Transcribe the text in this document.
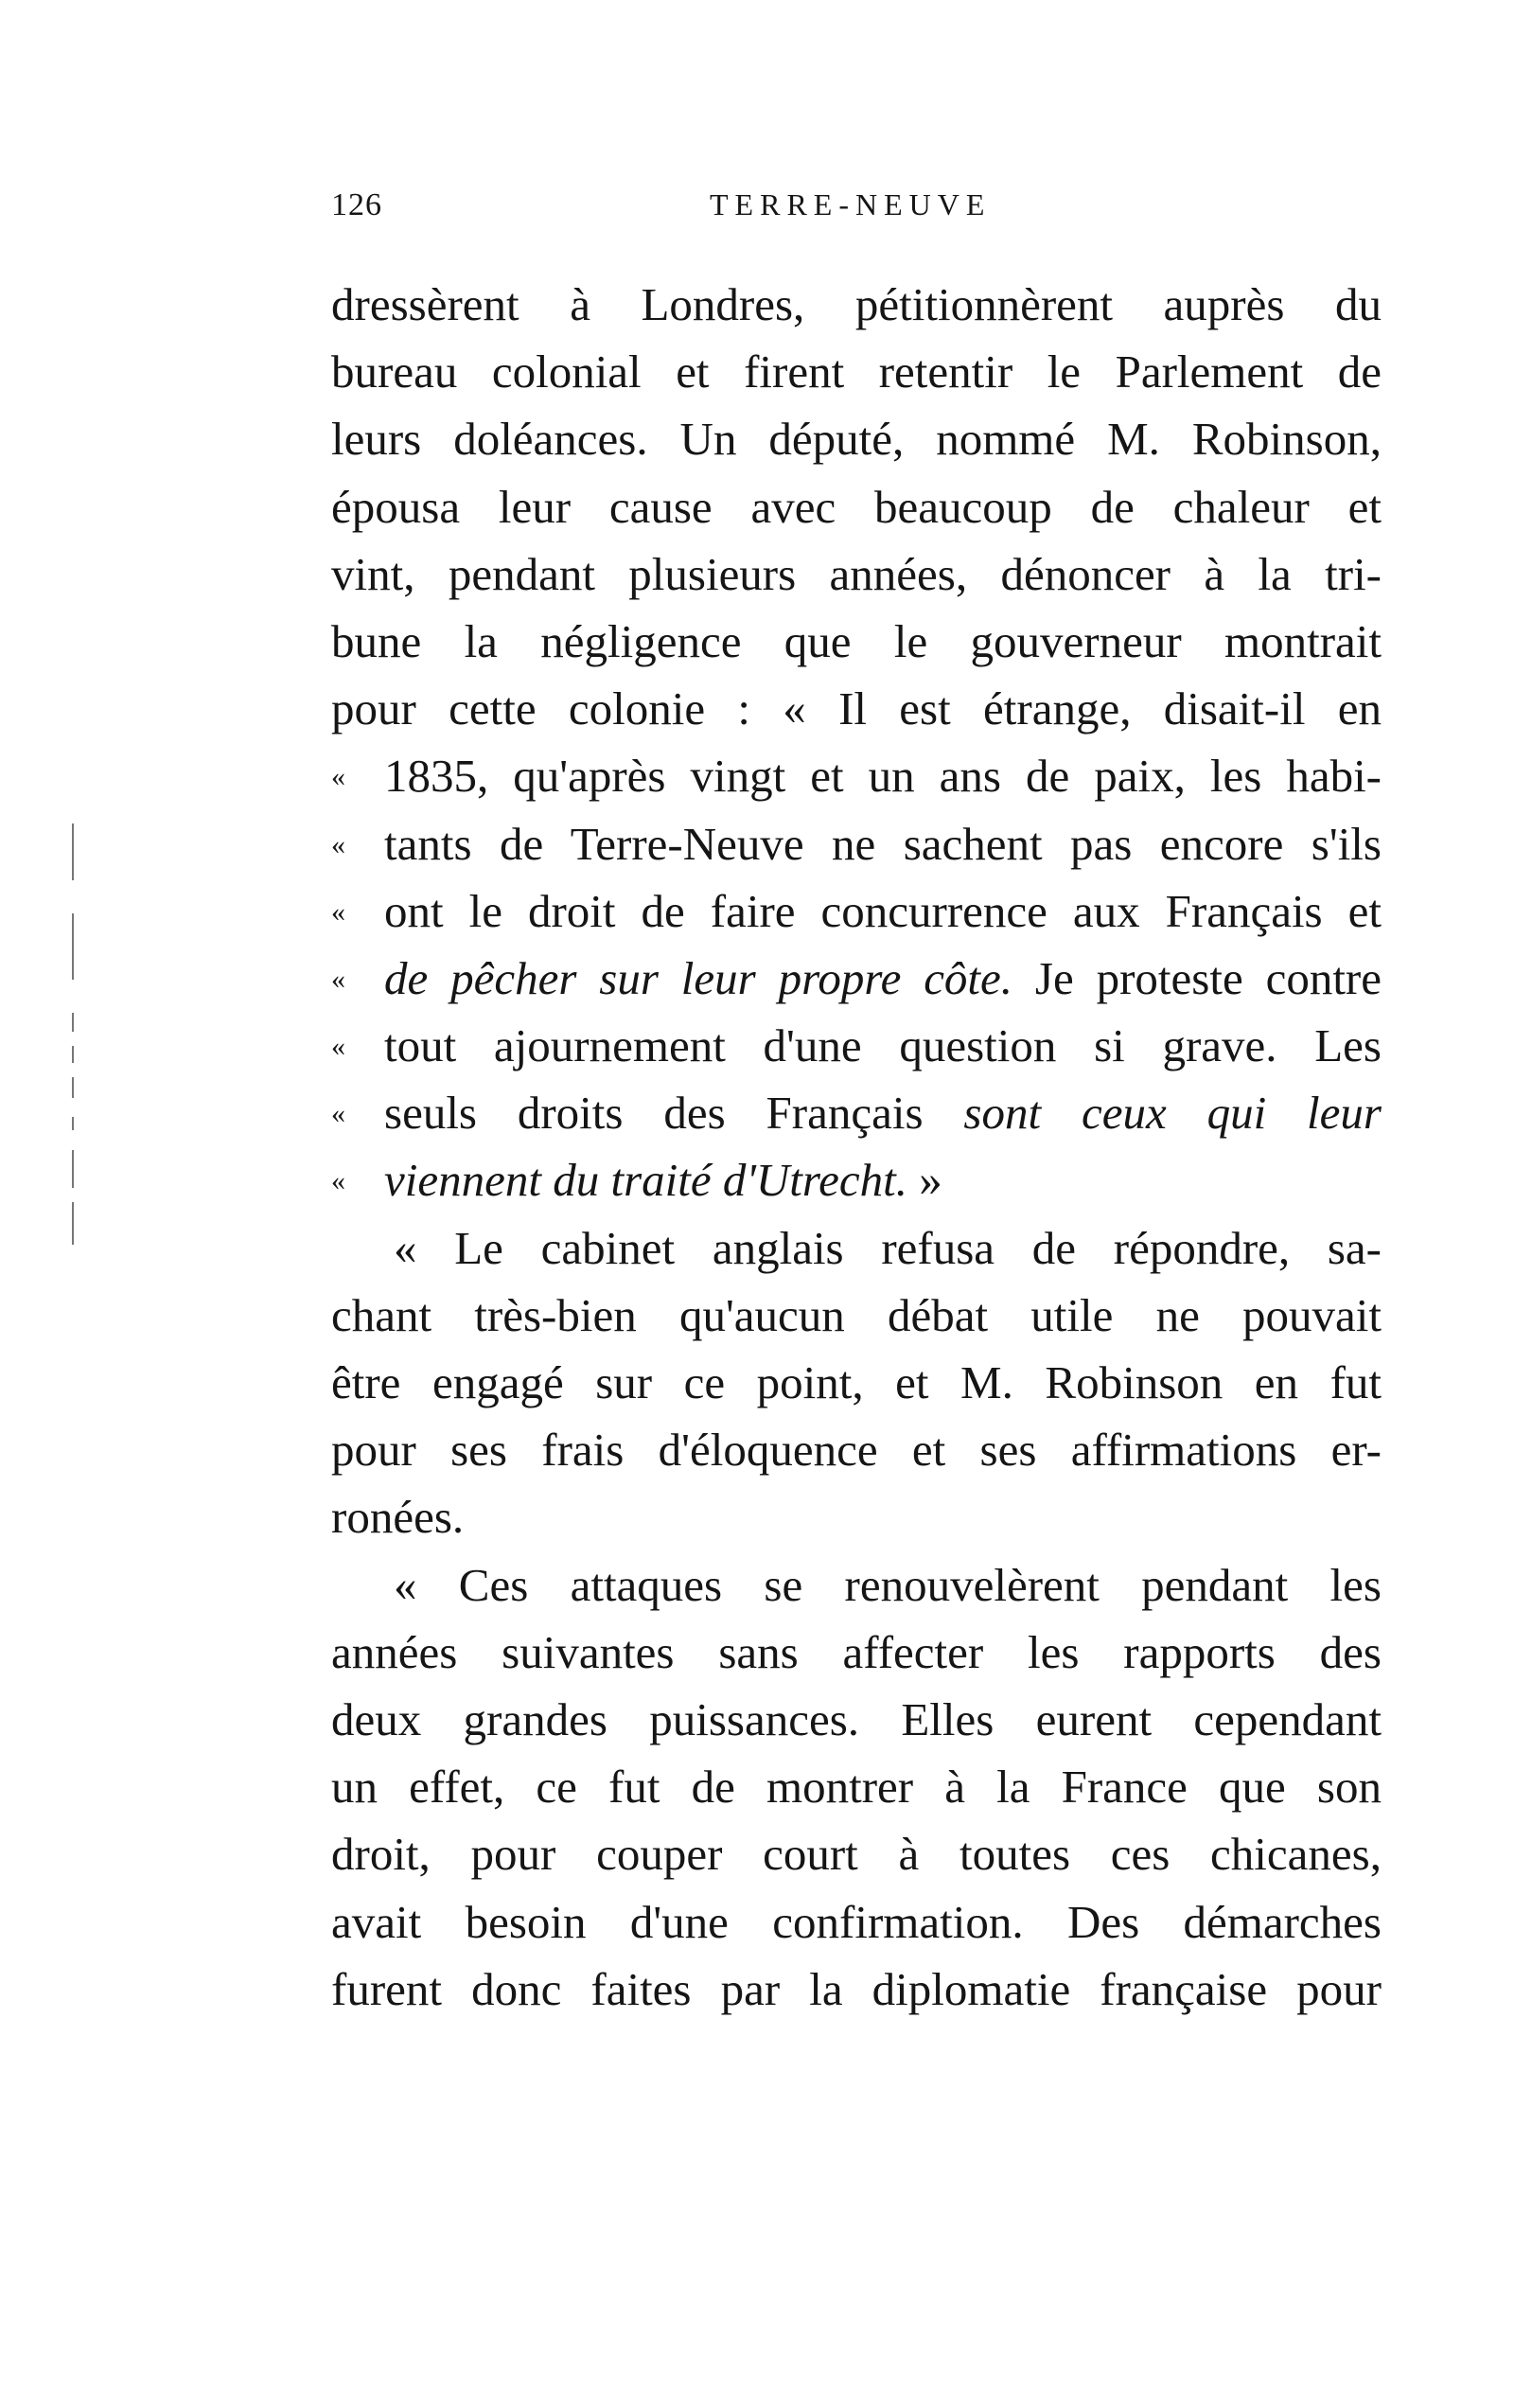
126	TERRE-NEUVE
dressèrent à Londres, pétitionnèrent auprès du
bureau colonial et firent retentir le Parlement de
leurs doléances. Un député, nommé M. Robinson,
épousa leur cause avec beaucoup de chaleur et
vint, pendant plusieurs années, dénoncer à la tri-
bune la négligence que le gouverneur montrait
pour cette colonie : « Il est étrange, disait-il en
« 1835, qu'après vingt et un ans de paix, les habi-
« tants de Terre-Neuve ne sachent pas encore s'ils
« ont le droit de faire concurrence aux Français et
« de pêcher sur leur propre côte. Je proteste contre
« tout ajournement d'une question si grave. Les
« seuls droits des Français sont ceux qui leur
« viennent du traité d'Utrecht. »
« Le cabinet anglais refusa de répondre, sa-
chant très-bien qu'aucun débat utile ne pouvait
être engagé sur ce point, et M. Robinson en fut
pour ses frais d'éloquence et ses affirmations er-
ronées.
« Ces attaques se renouvelèrent pendant les
années suivantes sans affecter les rapports des
deux grandes puissances. Elles eurent cependant
un effet, ce fut de montrer à la France que son
droit, pour couper court à toutes ces chicanes,
avait besoin d'une confirmation. Des démarches
furent donc faites par la diplomatie française pour
